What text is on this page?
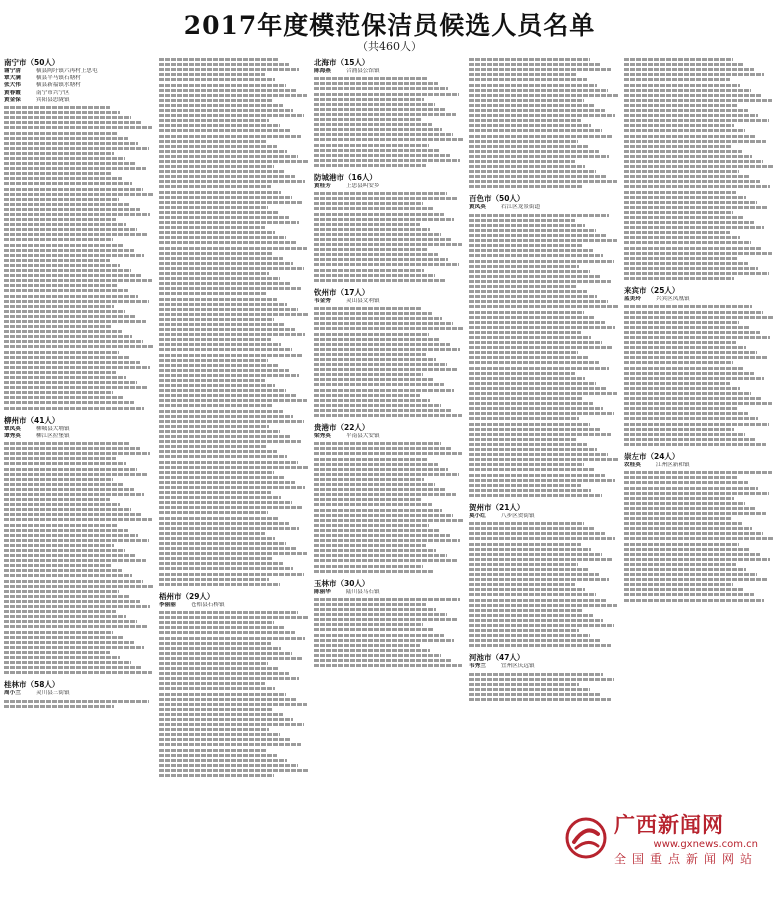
2017年度模范保洁员候选人员名单
（共460人）
南宁市（50人）
谢宁清	横县陶圩镇六再村上思屯
覃大满	横县平马镇石塘村
张大伟	横县新福镇水塘村
黄春霞	南宁市兴宁区
黄金保	宾阳县思陇镇
柳州市（41人）
覃凤英	柳城县大埔镇
谭秀英	柳江区拉堡镇
桂林市（58人）
周小兰	灵川县三街镇
梧州市（29人）
李丽丽	苍梧县石桥镇
北海市（15人）
陈海燕	合浦县公馆镇
防城港市（16人）
黄桂芳	上思县叫安乡
钦州市（17人）
韦金秀	灵山县文利镇
贵港市（22人）
梁秀英	平南县大安镇
玉林市（30人）
陈丽华	陆川县乌石镇
百色市（50人）
黄凤英	右江区龙景街道
贺州市（21人）
莫小红	八步区贺街镇
河池市（47人）
韦秀兰	宜州区庆远镇
来宾市（25人）
蓝美玲	兴宾区凤凰镇
崇左市（24人）
农桂英	江州区新和镇
广西新闻网
www.gxnews.com.cn
全国重点新闻网站
